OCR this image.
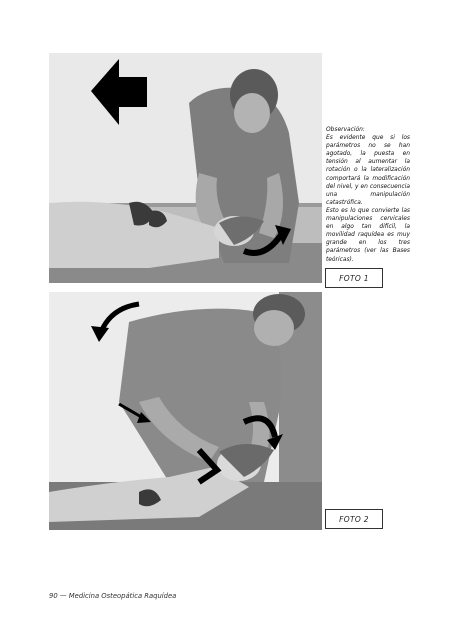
Observación:

Es evidente que si los parámetros no se han agotado, la puesta en tensión al aumentar la rotación o la lateralización comportará la modificación del nivel, y en consecuencia una manipulación catastrófica.

Esto es lo que convierte las manipulaciones cervicales en algo tan difícil, la movilidad raquídea es muy grande en los tres parámetros (ver las Bases teóricas).

FOTO 1
FOTO 2
90 — Medicina Osteopática Raquídea
